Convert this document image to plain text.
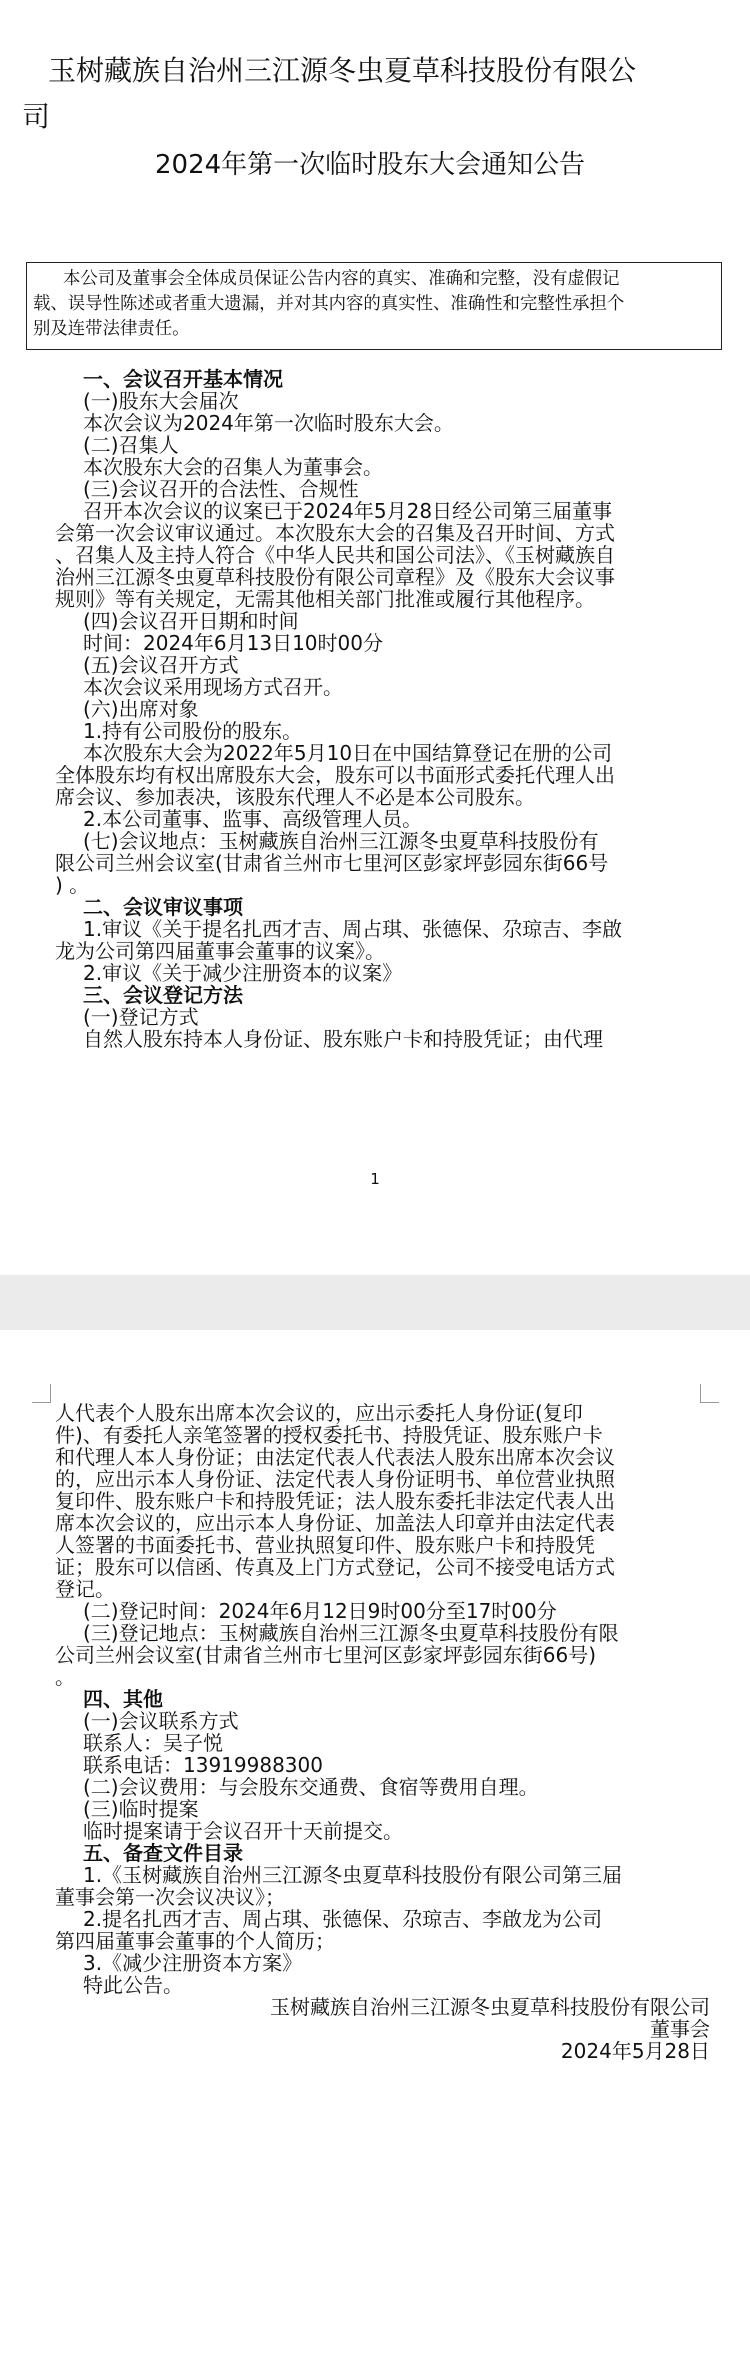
玉树藏族自治州三江源冬虫夏草科技股份有限公
司
2024年第一次临时股东大会通知公告
本公司及董事会全体成员保证公告内容的真实、准确和完整，没有虚假记
载、误导性陈述或者重大遗漏，并对其内容的真实性、准确性和完整性承担个
别及连带法律责任。
一、会议召开基本情况
(一)股东大会届次
本次会议为2024年第一次临时股东大会。
(二)召集人
本次股东大会的召集人为董事会。
(三)会议召开的合法性、合规性
召开本次会议的议案已于2024年5月28日经公司第三届董事
会第一次会议审议通过。本次股东大会的召集及召开时间、方式
、召集人及主持人符合《中华人民共和国公司法》、《玉树藏族自
治州三江源冬虫夏草科技股份有限公司章程》及《股东大会议事
规则》等有关规定，无需其他相关部门批准或履行其他程序。
(四)会议召开日期和时间
时间：2024年6月13日10时00分
(五)会议召开方式
本次会议采用现场方式召开。
(六)出席对象
1.持有公司股份的股东。
本次股东大会为2022年5月10日在中国结算登记在册的公司
全体股东均有权出席股东大会，股东可以书面形式委托代理人出
席会议、参加表决，该股东代理人不必是本公司股东。
2.本公司董事、监事、高级管理人员。
(七)会议地点：玉树藏族自治州三江源冬虫夏草科技股份有
限公司兰州会议室(甘肃省兰州市七里河区彭家坪彭园东街66号
) 。
二、会议审议事项
1.审议《关于提名扎西才吉、周占琪、张德保、尕琼吉、李啟
龙为公司第四届董事会董事的议案》。
2.审议《关于减少注册资本的议案》
三、会议登记方法
(一)登记方式
自然人股东持本人身份证、股东账户卡和持股凭证；由代理
1
人代表个人股东出席本次会议的，应出示委托人身份证(复印
件)、有委托人亲笔签署的授权委托书、持股凭证、股东账户卡
和代理人本人身份证；由法定代表人代表法人股东出席本次会议
的，应出示本人身份证、法定代表人身份证明书、单位营业执照
复印件、股东账户卡和持股凭证；法人股东委托非法定代表人出
席本次会议的，应出示本人身份证、加盖法人印章并由法定代表
人签署的书面委托书、营业执照复印件、股东账户卡和持股凭
证；股东可以信函、传真及上门方式登记，公司不接受电话方式
登记。
(二)登记时间：2024年6月12日9时00分至17时00分
(三)登记地点：玉树藏族自治州三江源冬虫夏草科技股份有限
公司兰州会议室(甘肃省兰州市七里河区彭家坪彭园东街66号)
。
四、其他
(一)会议联系方式
联系人：吴子悦
联系电话：13919988300
(二)会议费用：与会股东交通费、食宿等费用自理。
(三)临时提案
临时提案请于会议召开十天前提交。
五、备查文件目录
1.《玉树藏族自治州三江源冬虫夏草科技股份有限公司第三届
董事会第一次会议决议》；
2.提名扎西才吉、周占琪、张德保、尕琼吉、李啟龙为公司
第四届董事会董事的个人简历；
3.《减少注册资本方案》
特此公告。
玉树藏族自治州三江源冬虫夏草科技股份有限公司
董事会
2024年5月28日
